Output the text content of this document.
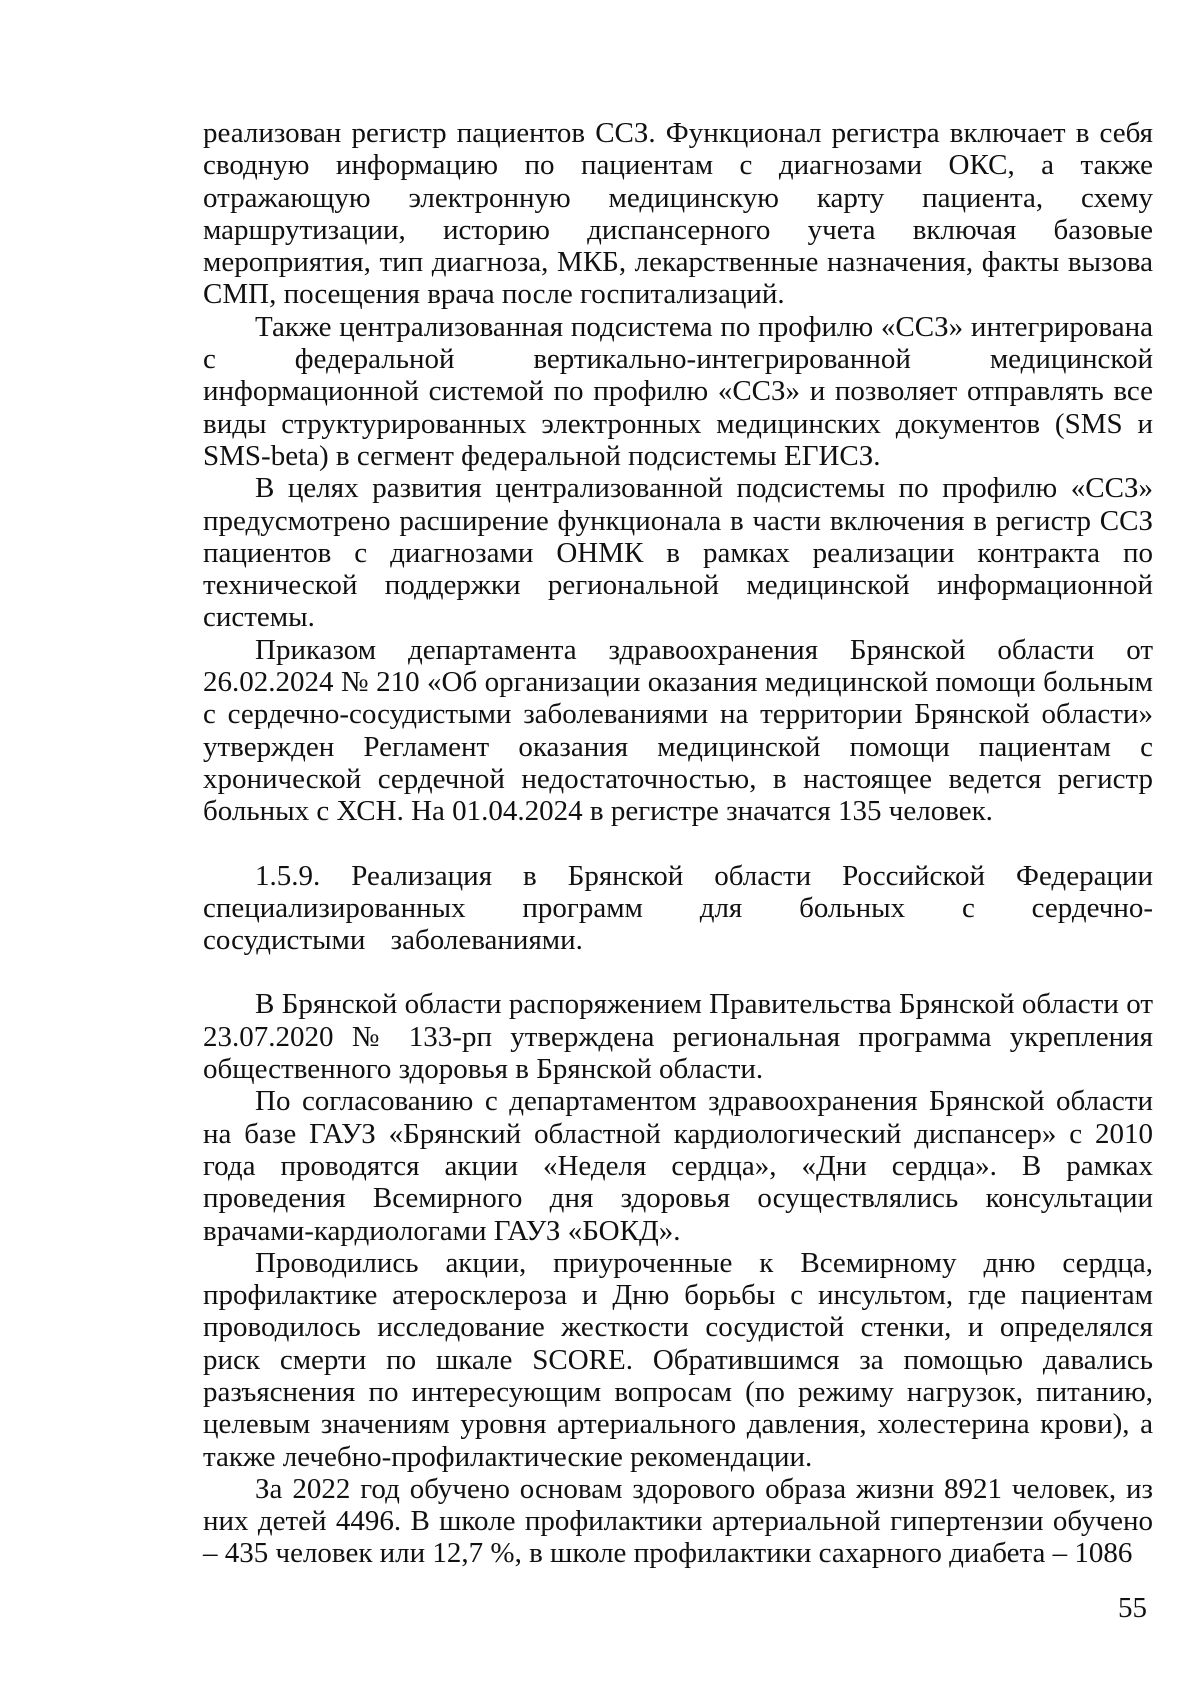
реализован регистр пациентов ССЗ. Функционал регистра включает в себя сводную информацию по пациентам с диагнозами ОКС, а также отражающую электронную медицинскую карту пациента, схему маршрутизации, историю диспансерного учета включая базовые мероприятия, тип диагноза, МКБ, лекарственные назначения, факты вызова СМП, посещения врача после госпитализаций.

Также централизованная подсистема по профилю «ССЗ» интегрирована с федеральной вертикально-интегрированной медицинской информационной системой по профилю «ССЗ» и позволяет отправлять все виды структурированных электронных медицинских документов (SMS и SMS-beta) в сегмент федеральной подсистемы ЕГИСЗ.

В целях развития централизованной подсистемы по профилю «ССЗ» предусмотрено расширение функционала в части включения в регистр ССЗ пациентов с диагнозами ОНМК в рамках реализации контракта по технической поддержки региональной медицинской информационной системы.

Приказом департамента здравоохранения Брянской области от 26.02.2024 № 210 «Об организации оказания медицинской помощи больным с сердечно-сосудистыми заболеваниями на территории Брянской области» утвержден Регламент оказания медицинской помощи пациентам с хронической сердечной недостаточностью, в настоящее ведется регистр больных с ХСН. На 01.04.2024 в регистре значатся 135 человек.

1.5.9. Реализация в Брянской области Российской Федерации специализированных программ для больных с сердечно-сосудистыми заболеваниями.

В Брянской области распоряжением Правительства Брянской области от 23.07.2020 № 133-рп утверждена региональная программа укрепления общественного здоровья в Брянской области.

По согласованию с департаментом здравоохранения Брянской области на базе ГАУЗ «Брянский областной кардиологический диспансер» с 2010 года проводятся акции «Неделя сердца», «Дни сердца». В рамках проведения Всемирного дня здоровья осуществлялись консультации врачами-кардиологами ГАУЗ «БОКД».

Проводились акции, приуроченные к Всемирному дню сердца, профилактике атеросклероза и Дню борьбы с инсультом, где пациентам проводилось исследование жесткости сосудистой стенки, и определялся риск смерти по шкале SCORE. Обратившимся за помощью давались разъяснения по интересующим вопросам (по режиму нагрузок, питанию, целевым значениям уровня артериального давления, холестерина крови), а также лечебно-профилактические рекомендации.

За 2022 год обучено основам здорового образа жизни 8921 человек, из них детей 4496. В школе профилактики артериальной гипертензии обучено – 435 человек или 12,7 %, в школе профилактики сахарного диабета – 1086

55
